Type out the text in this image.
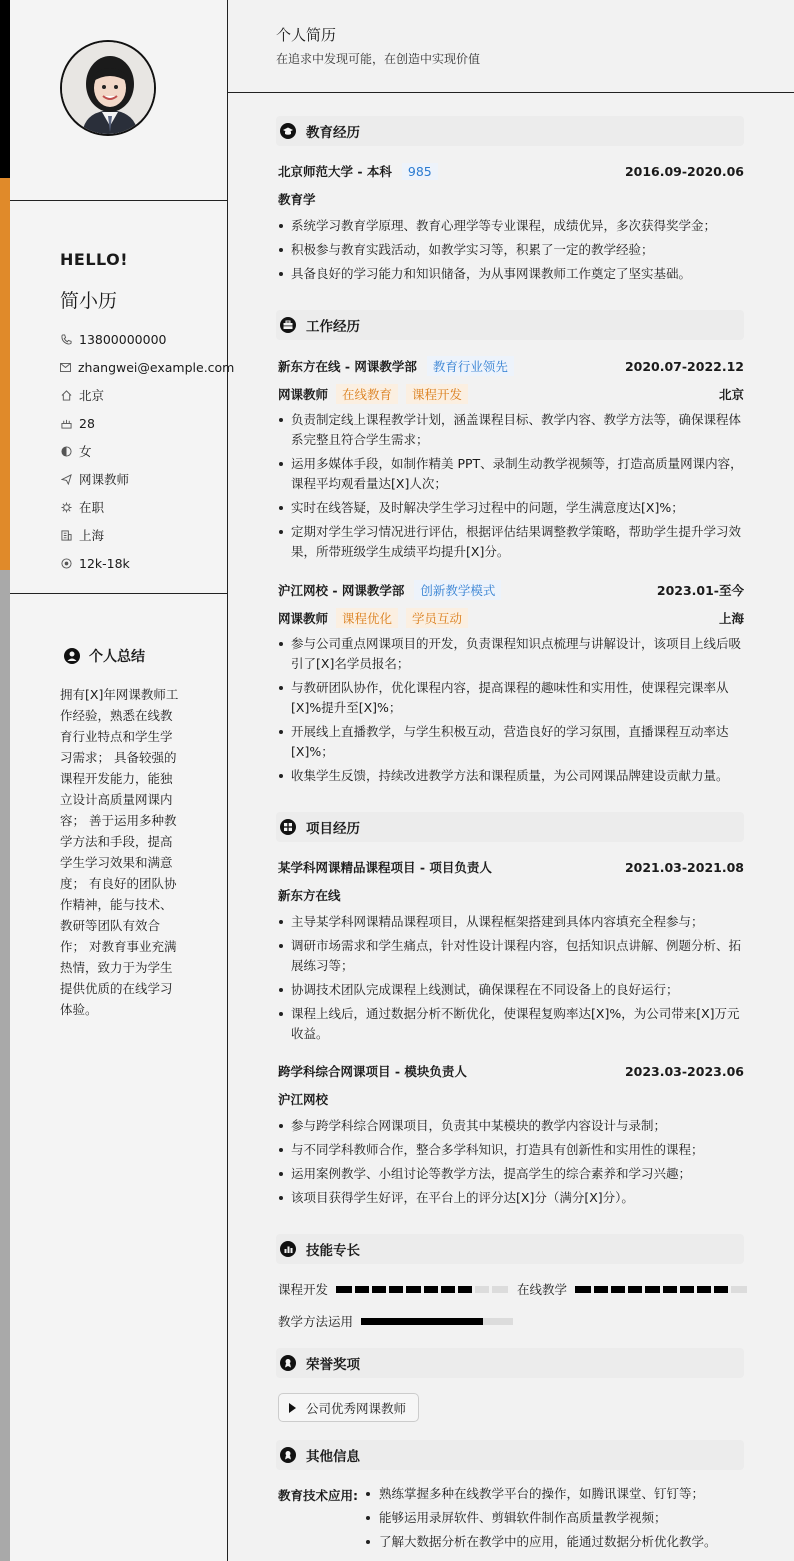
HELLO!
简小历
13800000000
zhangwei@example.com
北京
28
女
网课教师
在职
上海
12k-18k
个人总结
拥有[X]年网课教师工作经验，熟悉在线教育行业特点和学生学习需求； 具备较强的课程开发能力，能独立设计高质量网课内容； 善于运用多种教学方法和手段，提高学生学习效果和满意度； 有良好的团队协作精神，能与技术、教研等团队有效合作； 对教育事业充满热情，致力于为学生提供优质的在线学习体验。
个人简历
在追求中发现可能，在创造中实现价值
教育经历
北京师范大学 - 本科	985	2016.09-2020.06
教育学
系统学习教育学原理、教育心理学等专业课程，成绩优异，多次获得奖学金；
积极参与教育实践活动，如教学实习等，积累了一定的教学经验；
具备良好的学习能力和知识储备，为从事网课教师工作奠定了坚实基础。
工作经历
新东方在线 - 网课教学部	教育行业领先	2020.07-2022.12
网课教师	在线教育	课程开发	北京
负责制定线上课程教学计划，涵盖课程目标、教学内容、教学方法等，确保课程体系完整且符合学生需求；
运用多媒体手段，如制作精美 PPT、录制生动教学视频等，打造高质量网课内容，课程平均观看量达[X]人次；
实时在线答疑，及时解决学生学习过程中的问题，学生满意度达[X]%；
定期对学生学习情况进行评估，根据评估结果调整教学策略，帮助学生提升学习效果，所带班级学生成绩平均提升[X]分。
沪江网校 - 网课教学部	创新教学模式	2023.01-至今
网课教师	课程优化	学员互动	上海
参与公司重点网课项目的开发，负责课程知识点梳理与讲解设计，该项目上线后吸引了[X]名学员报名；
与教研团队协作，优化课程内容，提高课程的趣味性和实用性，使课程完课率从[X]%提升至[X]%；
开展线上直播教学，与学生积极互动，营造良好的学习氛围，直播课程互动率达[X]%；
收集学生反馈，持续改进教学方法和课程质量，为公司网课品牌建设贡献力量。
项目经历
某学科网课精品课程项目 - 项目负责人	2021.03-2021.08
新东方在线
主导某学科网课精品课程项目，从课程框架搭建到具体内容填充全程参与；
调研市场需求和学生痛点，针对性设计课程内容，包括知识点讲解、例题分析、拓展练习等；
协调技术团队完成课程上线测试，确保课程在不同设备上的良好运行；
课程上线后，通过数据分析不断优化，使课程复购率达[X]%，为公司带来[X]万元收益。
跨学科综合网课项目 - 模块负责人	2023.03-2023.06
沪江网校
参与跨学科综合网课项目，负责其中某模块的教学内容设计与录制；
与不同学科教师合作，整合多学科知识，打造具有创新性和实用性的课程；
运用案例教学、小组讨论等教学方法，提高学生的综合素养和学习兴趣；
该项目获得学生好评，在平台上的评分达[X]分（满分[X]分）。
技能专长
课程开发	在线教学
教学方法运用
荣誉奖项
公司优秀网课教师
其他信息
教育技术应用:	熟练掌握多种在线教学平台的操作，如腾讯课堂、钉钉等；
能够运用录屏软件、剪辑软件制作高质量教学视频；
了解大数据分析在教学中的应用，能通过数据分析优化教学。
